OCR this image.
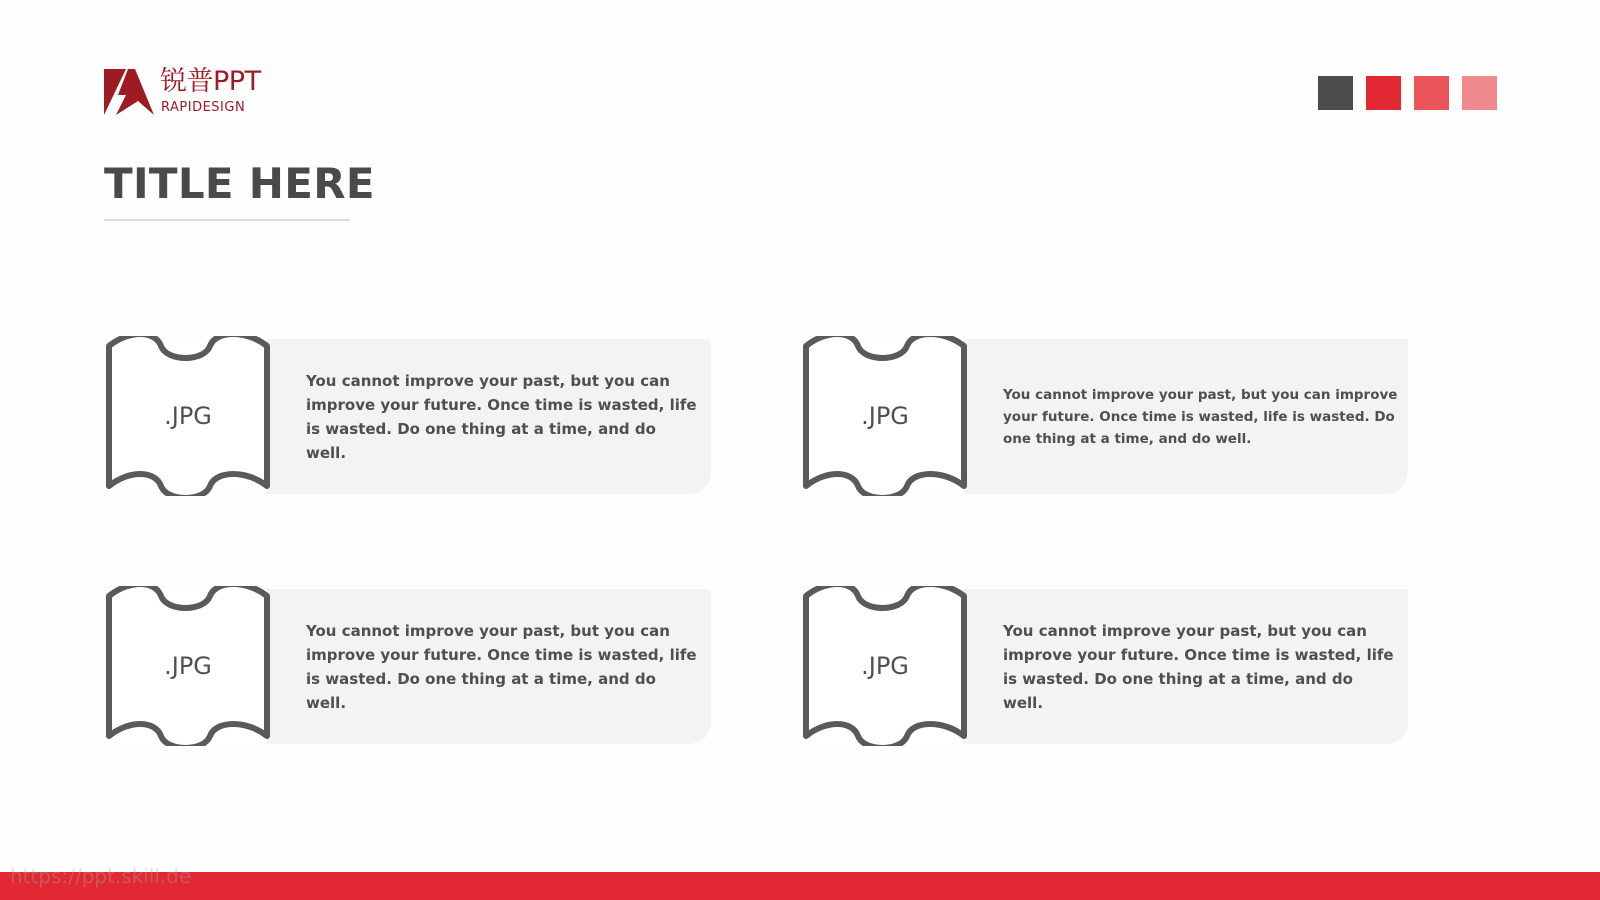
锐普PPT
RAPIDESIGN
TITLE HERE
.JPG
You cannot improve your past, but you can improve your future. Once time is wasted, life is wasted. Do one thing at a time, and do well.
.JPG
You cannot improve your past, but you can improve your future. Once time is wasted, life is wasted. Do one thing at a time, and do well.
.JPG
You cannot improve your past, but you can improve your future. Once time is wasted, life is wasted. Do one thing at a time, and do well.
.JPG
You cannot improve your past, but you can improve your future. Once time is wasted, life is wasted. Do one thing at a time, and do well.
https://ppt.skill.de
